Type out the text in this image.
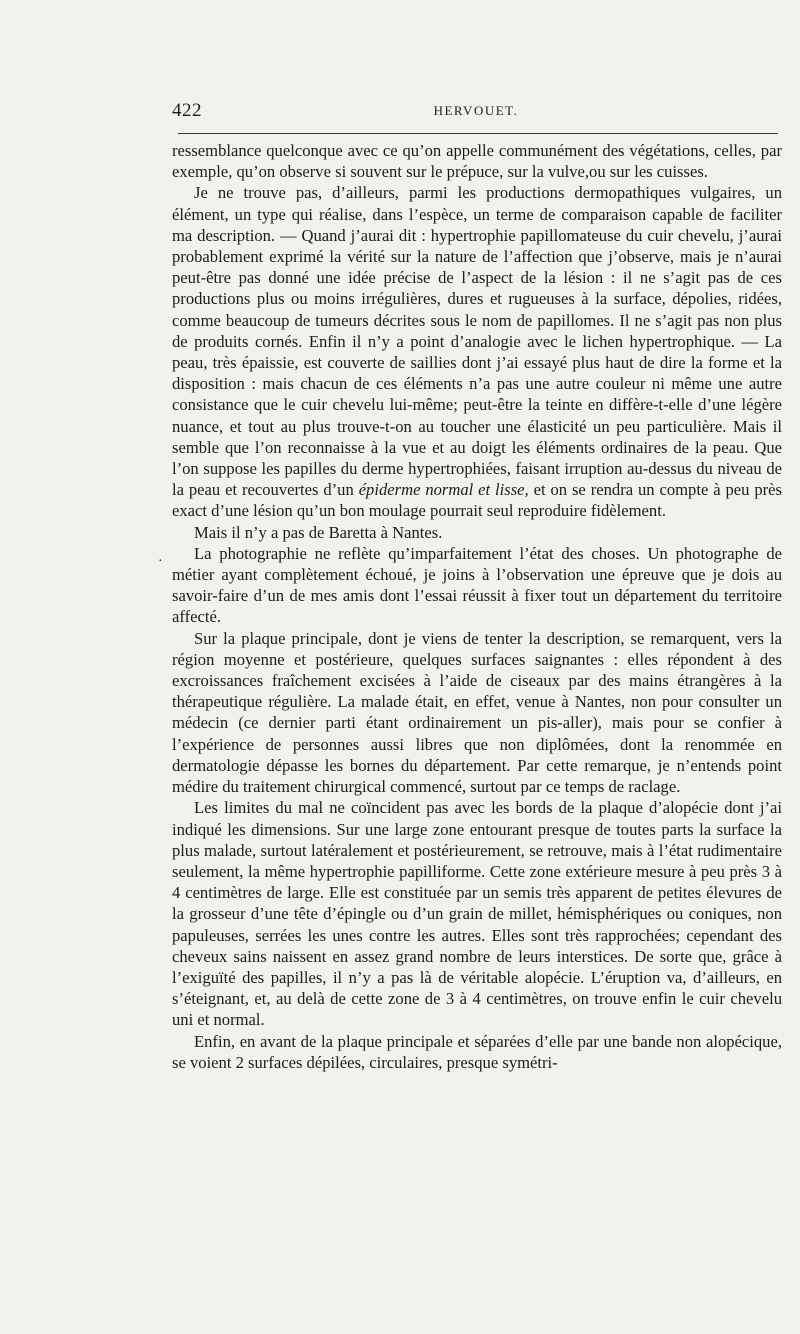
422	HERVOUET.
·

ressemblance quelconque avec ce qu’on appelle communément des végétations, celles, par exemple, qu’on observe si souvent sur le prépuce, sur la vulve,ou sur les cuisses.

Je ne trouve pas, d’ailleurs, parmi les productions dermopathiques vulgaires, un élément, un type qui réalise, dans l’espèce, un terme de comparaison capable de faciliter ma description. — Quand j’aurai dit : hypertrophie papillomateuse du cuir chevelu, j’aurai probablement exprimé la vérité sur la nature de l’affection que j’observe, mais je n’aurai peut-être pas donné une idée précise de l’aspect de la lésion : il ne s’agit pas de ces productions plus ou moins irrégulières, dures et rugueuses à la surface, dépolies, ridées, comme beaucoup de tumeurs décrites sous le nom de papillomes. Il ne s’agit pas non plus de produits cornés. Enfin il n’y a point d’analogie avec le lichen hypertrophique. — La peau, très épaissie, est couverte de saillies dont j’ai essayé plus haut de dire la forme et la disposition : mais chacun de ces éléments n’a pas une autre couleur ni même une autre consistance que le cuir chevelu lui-même; peut-être la teinte en diffère-t-elle d’une légère nuance, et tout au plus trouve-t-on au toucher une élasticité un peu particulière. Mais il semble que l’on reconnaisse à la vue et au doigt les éléments ordinaires de la peau. Que l’on suppose les papilles du derme hypertrophiées, faisant irruption au-dessus du niveau de la peau et recouvertes d’un épiderme normal et lisse, et on se rendra un compte à peu près exact d’une lésion qu’un bon moulage pourrait seul reproduire fidèlement.

Mais il n’y a pas de Baretta à Nantes.

La photographie ne reflète qu’imparfaitement l’état des choses. Un photographe de métier ayant complètement échoué, je joins à l’observation une épreuve que je dois au savoir-faire d’un de mes amis dont l’essai réussit à fixer tout un département du territoire affecté.

Sur la plaque principale, dont je viens de tenter la description, se remarquent, vers la région moyenne et postérieure, quelques surfaces saignantes : elles répondent à des excroissances fraîchement excisées à l’aide de ciseaux par des mains étrangères à la thérapeutique régulière. La malade était, en effet, venue à Nantes, non pour consulter un médecin (ce dernier parti étant ordinairement un pis-aller), mais pour se confier à l’expérience de personnes aussi libres que non diplômées, dont la renommée en dermatologie dépasse les bornes du département. Par cette remarque, je n’entends point médire du traitement chirurgical commencé, surtout par ce temps de raclage.

Les limites du mal ne coïncident pas avec les bords de la plaque d’alopécie dont j’ai indiqué les dimensions. Sur une large zone entourant presque de toutes parts la surface la plus malade, surtout latéralement et postérieurement, se retrouve, mais à l’état rudimentaire seulement, la même hypertrophie papilliforme. Cette zone extérieure mesure à peu près 3 à 4 centimètres de large. Elle est constituée par un semis très apparent de petites élevures de la grosseur d’une tête d’épingle ou d’un grain de millet, hémisphériques ou coniques, non papuleuses, serrées les unes contre les autres. Elles sont très rapprochées; cependant des cheveux sains naissent en assez grand nombre de leurs interstices. De sorte que, grâce à l’exiguïté des papilles, il n’y a pas là de véritable alopécie. L’éruption va, d’ailleurs, en s’éteignant, et, au delà de cette zone de 3 à 4 centimètres, on trouve enfin le cuir chevelu uni et normal.

Enfin, en avant de la plaque principale et séparées d’elle par une bande non alopécique, se voient 2 surfaces dépilées, circulaires, presque symétri-
